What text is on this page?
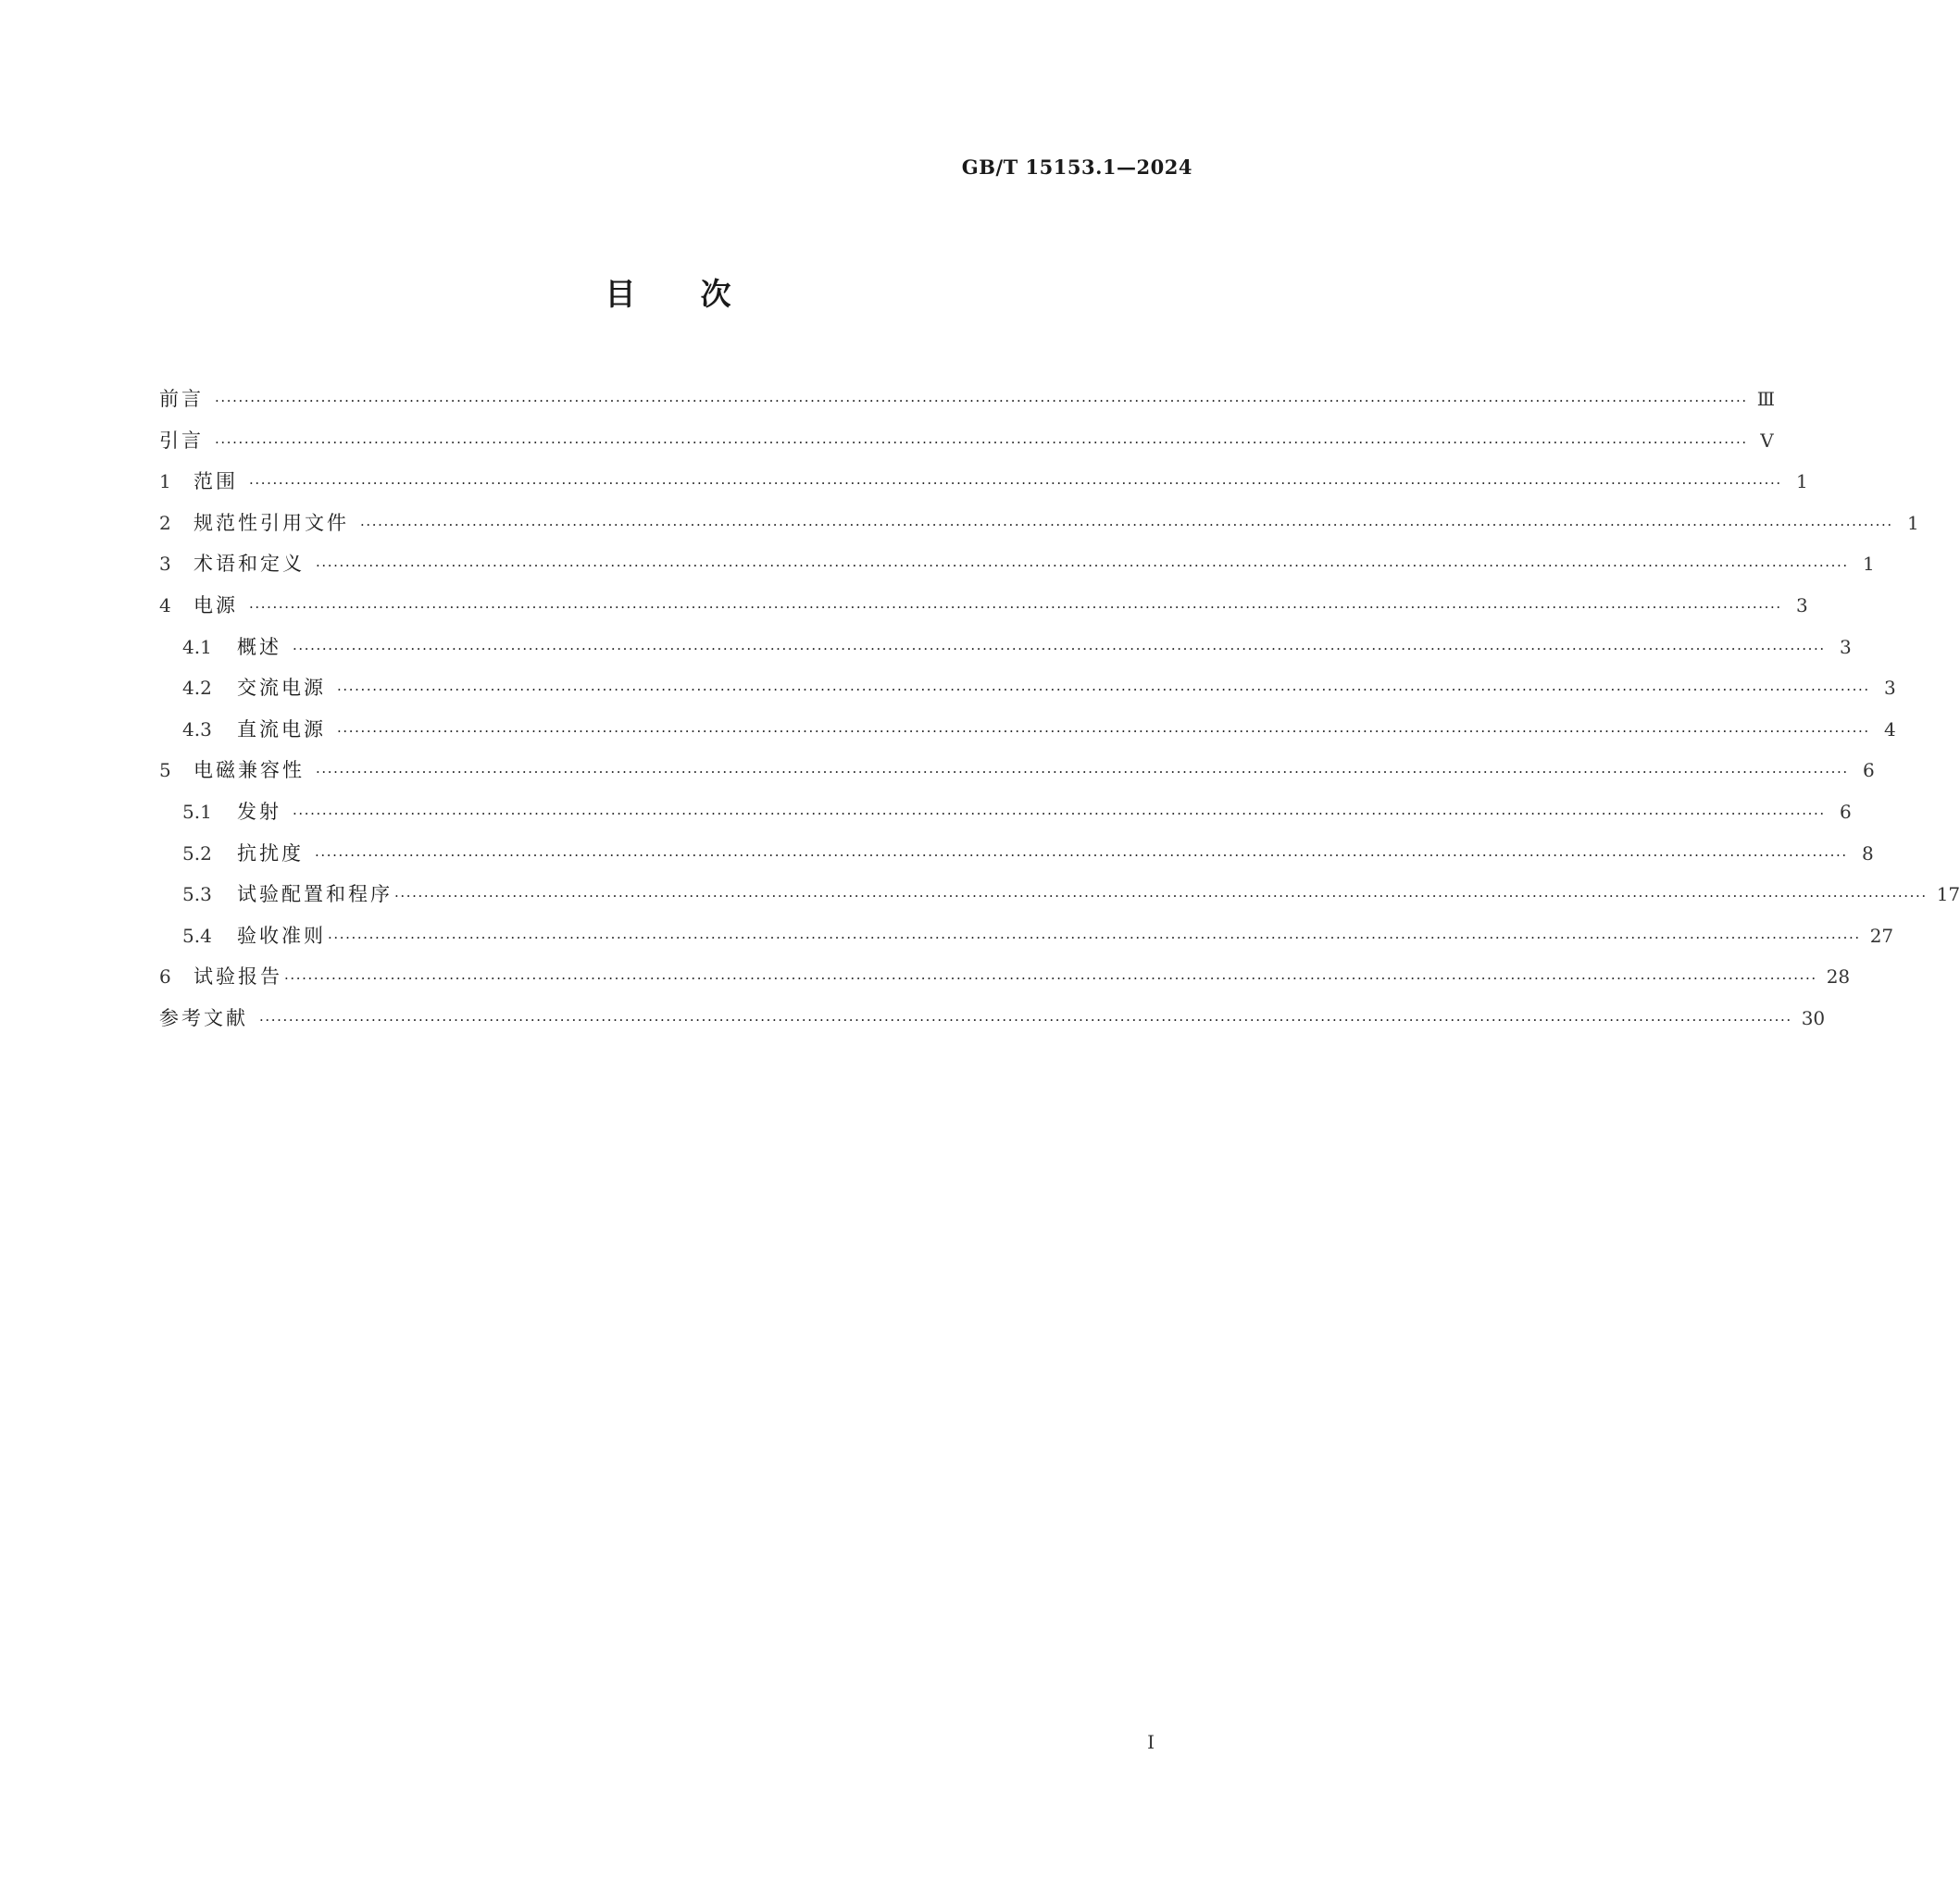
GB/T 15153.1—2024
目 次
前言 ···································································································································································································································································· Ⅲ
引言 ···································································································································································································································································· Ⅴ
1	范围 ···································································································································································································································································· 1
2	规范性引用文件 ···································································································································································································································································· 1
3	术语和定义 ···································································································································································································································································· 1
4	电源 ···································································································································································································································································· 3
4.1	概述 ···································································································································································································································································· 3
4.2	交流电源 ···································································································································································································································································· 3
4.3	直流电源 ···································································································································································································································································· 4
5	电磁兼容性 ···································································································································································································································································· 6
5.1	发射 ···································································································································································································································································· 6
5.2	抗扰度 ···································································································································································································································································· 8
5.3	试验配置和程序 ···································································································································································································································································· 17
5.4	验收准则 ···································································································································································································································································· 27
6	试验报告 ···································································································································································································································································· 28
参考文献 ···································································································································································································································································· 30
I
